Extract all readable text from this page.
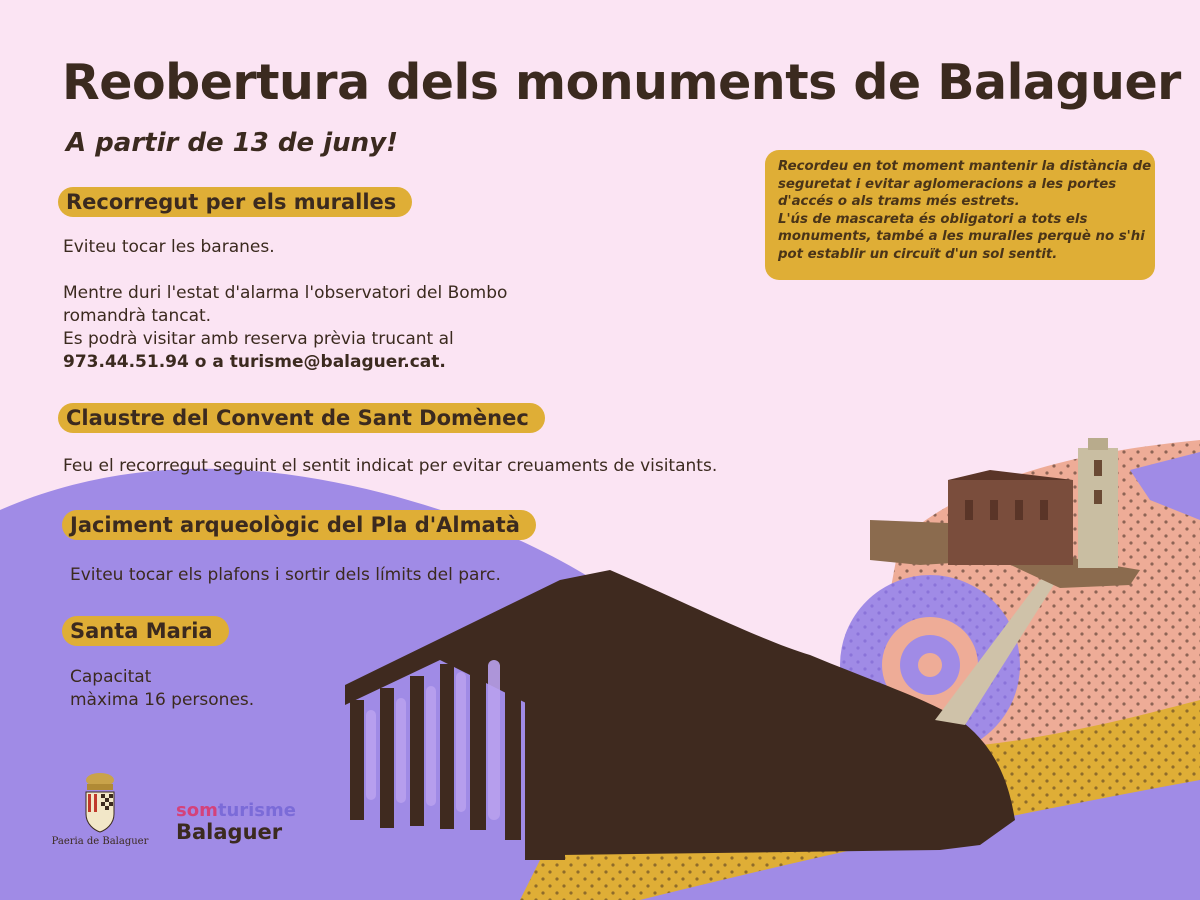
Reobertura dels monuments de Balaguer
A partir de 13 de juny!
Recordeu en tot moment mantenir la distància de
seguretat i evitar aglomeracions a les portes
d'accés o als trams més estrets.
L'ús de mascareta és obligatori a tots els
monuments, també a les muralles perquè no s'hi
pot establir un circuït d'un sol sentit.
Recorregut per els muralles
Eviteu tocar les baranes.
Mentre duri l'estat d'alarma l'observatori del Bombo
romandrà tancat.
Es podrà visitar amb reserva prèvia trucant al
973.44.51.94 o a turisme@balaguer.cat.
Claustre del Convent de Sant Domènec
Feu el recorregut seguint el sentit indicat per evitar creuaments de visitants.
Jaciment arqueològic del Pla d'Almatà
Eviteu tocar els plafons i sortir dels límits del parc.
Santa Maria
Capacitat
màxima 16 persones.
Paeria de Balaguer
somturisme
Balaguer
